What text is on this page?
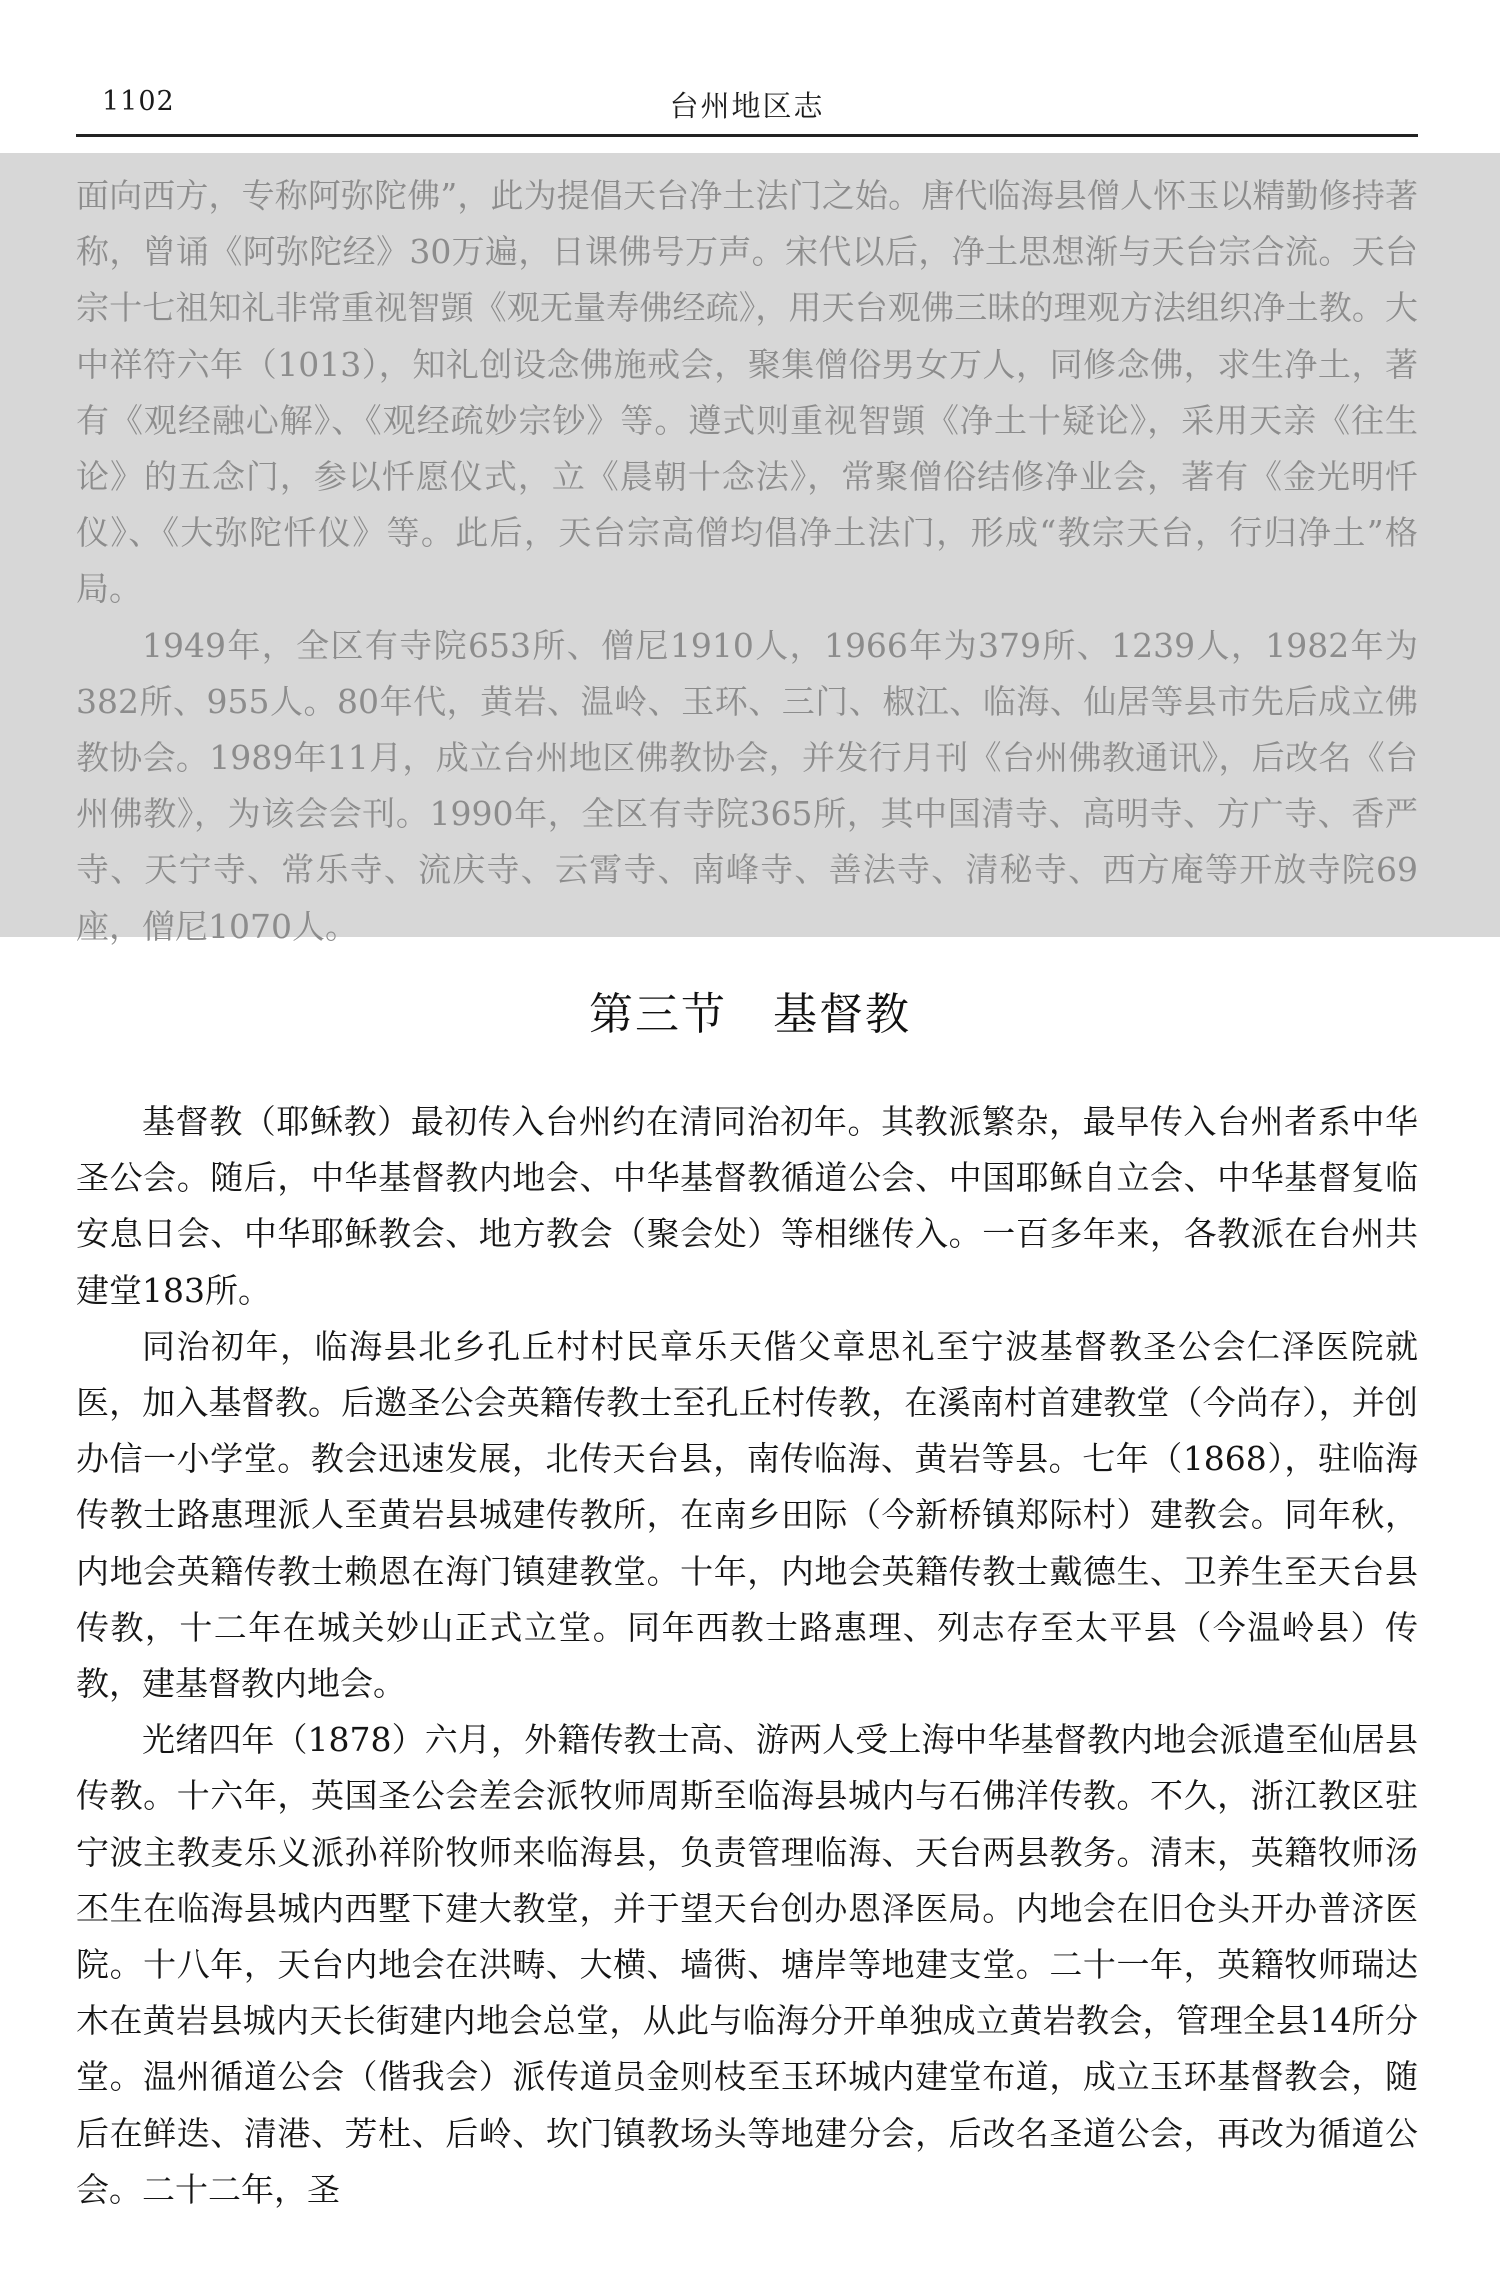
1102	台州地区志

面向西方，专称阿弥陀佛”，此为提倡天台净土法门之始。唐代临海县僧人怀玉以精勤修持著称，曾诵《阿弥陀经》30万遍，日课佛号万声。宋代以后，净土思想渐与天台宗合流。天台宗十七祖知礼非常重视智顗《观无量寿佛经疏》，用天台观佛三昧的理观方法组织净土教。大中祥符六年（1013），知礼创设念佛施戒会，聚集僧俗男女万人，同修念佛，求生净土，著有《观经融心解》、《观经疏妙宗钞》等。遵式则重视智顗《净土十疑论》，采用天亲《往生论》的五念门，参以忏愿仪式，立《晨朝十念法》，常聚僧俗结修净业会，著有《金光明忏仪》、《大弥陀忏仪》等。此后，天台宗高僧均倡净土法门，形成“教宗天台，行归净土”格局。

1949年，全区有寺院653所、僧尼1910人，1966年为379所、1239人，1982年为382所、955人。80年代，黄岩、温岭、玉环、三门、椒江、临海、仙居等县市先后成立佛教协会。1989年11月，成立台州地区佛教协会，并发行月刊《台州佛教通讯》，后改名《台州佛教》，为该会会刊。1990年，全区有寺院365所，其中国清寺、高明寺、方广寺、香严寺、天宁寺、常乐寺、流庆寺、云霄寺、南峰寺、善法寺、清秘寺、西方庵等开放寺院69座，僧尼1070人。

第三节　基督教

基督教（耶稣教）最初传入台州约在清同治初年。其教派繁杂，最早传入台州者系中华圣公会。随后，中华基督教内地会、中华基督教循道公会、中国耶稣自立会、中华基督复临安息日会、中华耶稣教会、地方教会（聚会处）等相继传入。一百多年来，各教派在台州共建堂183所。

同治初年，临海县北乡孔丘村村民章乐天偕父章思礼至宁波基督教圣公会仁泽医院就医，加入基督教。后邀圣公会英籍传教士至孔丘村传教，在溪南村首建教堂（今尚存），并创办信一小学堂。教会迅速发展，北传天台县，南传临海、黄岩等县。七年（1868），驻临海传教士路惠理派人至黄岩县城建传教所，在南乡田际（今新桥镇郑际村）建教会。同年秋，内地会英籍传教士赖恩在海门镇建教堂。十年，内地会英籍传教士戴德生、卫养生至天台县传教，十二年在城关妙山正式立堂。同年西教士路惠理、列志存至太平县（今温岭县）传教，建基督教内地会。

光绪四年（1878）六月，外籍传教士高、游两人受上海中华基督教内地会派遣至仙居县传教。十六年，英国圣公会差会派牧师周斯至临海县城内与石佛洋传教。不久，浙江教区驻宁波主教麦乐义派孙祥阶牧师来临海县，负责管理临海、天台两县教务。清末，英籍牧师汤丕生在临海县城内西墅下建大教堂，并于望天台创办恩泽医局。内地会在旧仓头开办普济医院。十八年，天台内地会在洪畴、大横、墙衖、塘岸等地建支堂。二十一年，英籍牧师瑞达木在黄岩县城内天长街建内地会总堂，从此与临海分开单独成立黄岩教会，管理全县14所分堂。温州循道公会（偕我会）派传道员金则枝至玉环城内建堂布道，成立玉环基督教会，随后在鲜迭、清港、芳杜、后岭、坎门镇教场头等地建分会，后改名圣道公会，再改为循道公会。二十二年，圣
